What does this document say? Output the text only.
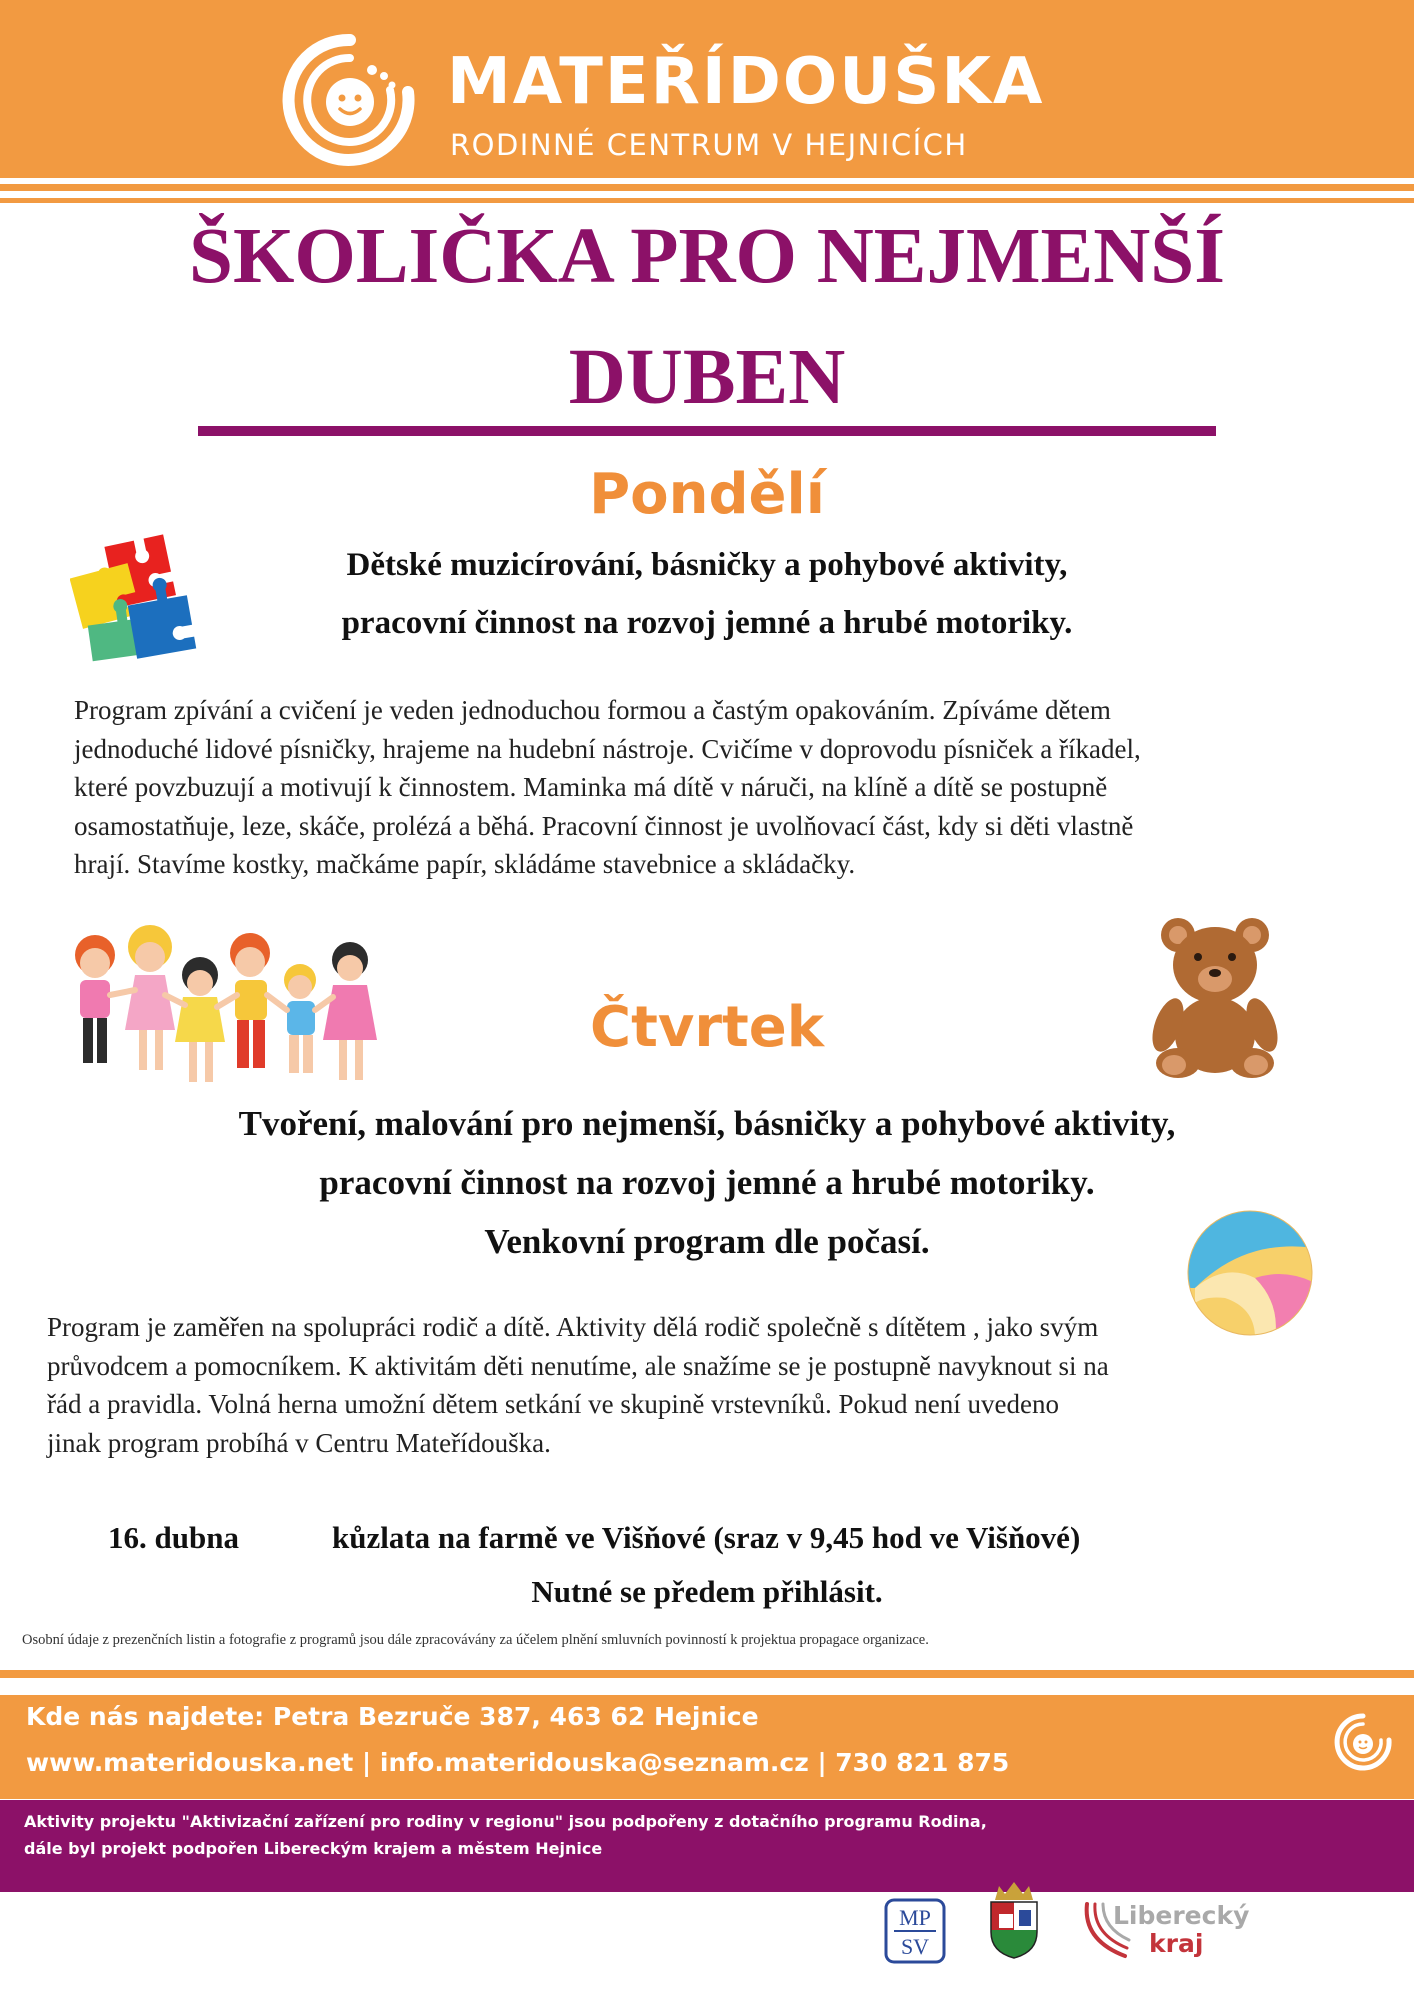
MATEŘÍDOUŠKA
RODINNÉ CENTRUM V HEJNICÍCH
ŠKOLIČKA PRO NEJMENŠÍ
DUBEN
Pondělí
Dětské muzicírování, básničky a pohybové aktivity,
pracovní činnost na rozvoj jemné a hrubé motoriky.
Program zpívání a cvičení je veden jednoduchou formou a častým opakováním. Zpíváme dětem
jednoduché lidové písničky, hrajeme na hudební nástroje. Cvičíme v doprovodu písniček a říkadel,
které povzbuzují a motivují k činnostem. Maminka má dítě v náruči, na klíně a dítě se postupně
osamostatňuje, leze, skáče, prolézá a běhá. Pracovní činnost je uvolňovací část, kdy si děti vlastně
hrají. Stavíme kostky, mačkáme papír, skládáme stavebnice a skládačky.
Čtvrtek
Tvoření, malování pro nejmenší, básničky a pohybové aktivity,
pracovní činnost na rozvoj jemné a hrubé motoriky.
Venkovní program dle počasí.
Program je zaměřen na spolupráci rodič a dítě. Aktivity dělá rodič společně s dítětem , jako svým
průvodcem a pomocníkem. K aktivitám děti nenutíme, ale snažíme se je postupně navyknout si na
řád a pravidla. Volná herna umožní dětem setkání ve skupině vrstevníků. Pokud není uvedeno
jinak program probíhá v Centru Mateřídouška.
16. dubna	kůzlata na farmě ve Višňové (sraz v 9,45 hod ve Višňové)
Nutné se předem přihlásit.
Osobní údaje z prezenčních listin a fotografie z programů jsou dále zpracovávány za účelem plnění smluvních povinností k projektua propagace organizace.
Kde nás najdete: Petra Bezruče 387, 463 62 Hejnice
www.materidouska.net | info.materidouska@seznam.cz | 730 821 875
Aktivity projektu "Aktivizační zařízení pro rodiny v regionu" jsou podpořeny z dotačního programu Rodina,
dále byl projekt podpořen Libereckým krajem a městem Hejnice
MP
SV
Liberecký
kraj
